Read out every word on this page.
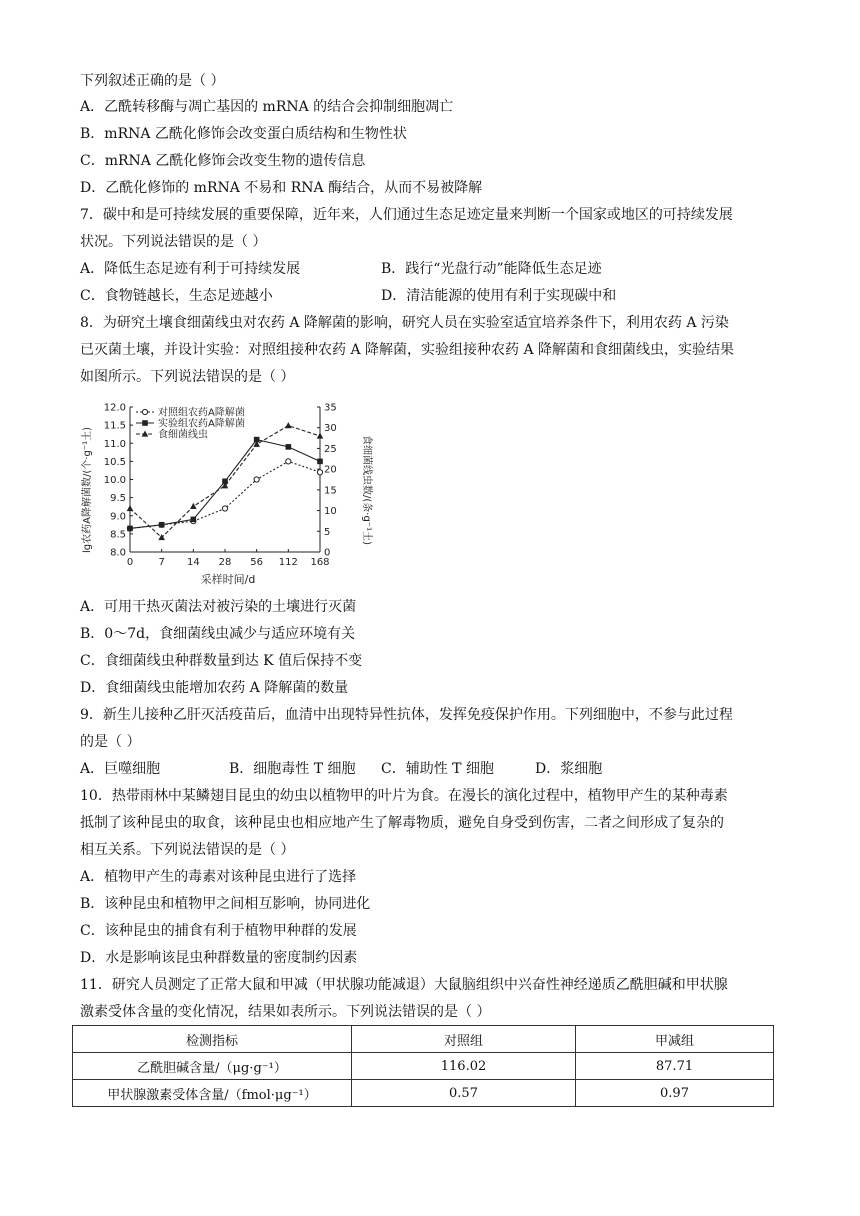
下列叙述正确的是（ ）
A．乙酰转移酶与凋亡基因的 mRNA 的结合会抑制细胞凋亡
B．mRNA 乙酰化修饰会改变蛋白质结构和生物性状
C．mRNA 乙酰化修饰会改变生物的遗传信息
D．乙酰化修饰的 mRNA 不易和 RNA 酶结合，从而不易被降解
7．碳中和是可持续发展的重要保障，近年来，人们通过生态足迹定量来判断一个国家或地区的可持续发展
状况。下列说法错误的是（ ）
A．降低生态足迹有利于可持续发展	B．践行“光盘行动”能降低生态足迹
C．食物链越长，生态足迹越小	D．清洁能源的使用有利于实现碳中和
8．为研究土壤食细菌线虫对农药 A 降解菌的影响，研究人员在实验室适宜培养条件下，利用农药 A 污染
已灭菌土壤，并设计实验：对照组接种农药 A 降解菌，实验组接种农药 A 降解菌和食细菌线虫，实验结果
如图所示。下列说法错误的是（ ）
8.0
8.5
9.0
9.5
10.0
10.5
11.0
11.5
12.0
0
5
10
15
20
25
30
35
0	7 14 28 56 112 168
对照组农药A降解菌
实验组农药A降解菌
食细菌线虫
采样时间/d
lg农药A降解菌数/(个·g⁻¹土)	食细菌线虫数/(条·g⁻¹土)
A．可用干热灭菌法对被污染的土壤进行灭菌
B．0～7d，食细菌线虫减少与适应环境有关
C．食细菌线虫种群数量到达 K 值后保持不变
D．食细菌线虫能增加农药 A 降解菌的数量
9．新生儿接种乙肝灭活疫苗后，血清中出现特异性抗体，发挥免疫保护作用。下列细胞中，不参与此过程
的是（ ）
A．巨噬细胞	B．细胞毒性 T 细胞 C．辅助性 T 细胞	D．浆细胞
10．热带雨林中某鳞翅目昆虫的幼虫以植物甲的叶片为食。在漫长的演化过程中，植物甲产生的某种毒素
抵制了该种昆虫的取食，该种昆虫也相应地产生了解毒物质，避免自身受到伤害，二者之间形成了复杂的
相互关系。下列说法错误的是（ ）
A．植物甲产生的毒素对该种昆虫进行了选择
B．该种昆虫和植物甲之间相互影响，协同进化
C．该种昆虫的捕食有利于植物甲种群的发展
D．水是影响该昆虫种群数量的密度制约因素
11．研究人员测定了正常大鼠和甲减（甲状腺功能减退）大鼠脑组织中兴奋性神经递质乙酰胆碱和甲状腺
激素受体含量的变化情况，结果如表所示。下列说法错误的是（ ）
检测指标	对照组	甲减组
乙酰胆碱含量/（μg·g⁻¹）	116.02	87.71
甲状腺激素受体含量/（fmol·μg⁻¹）	0.57	0.97
